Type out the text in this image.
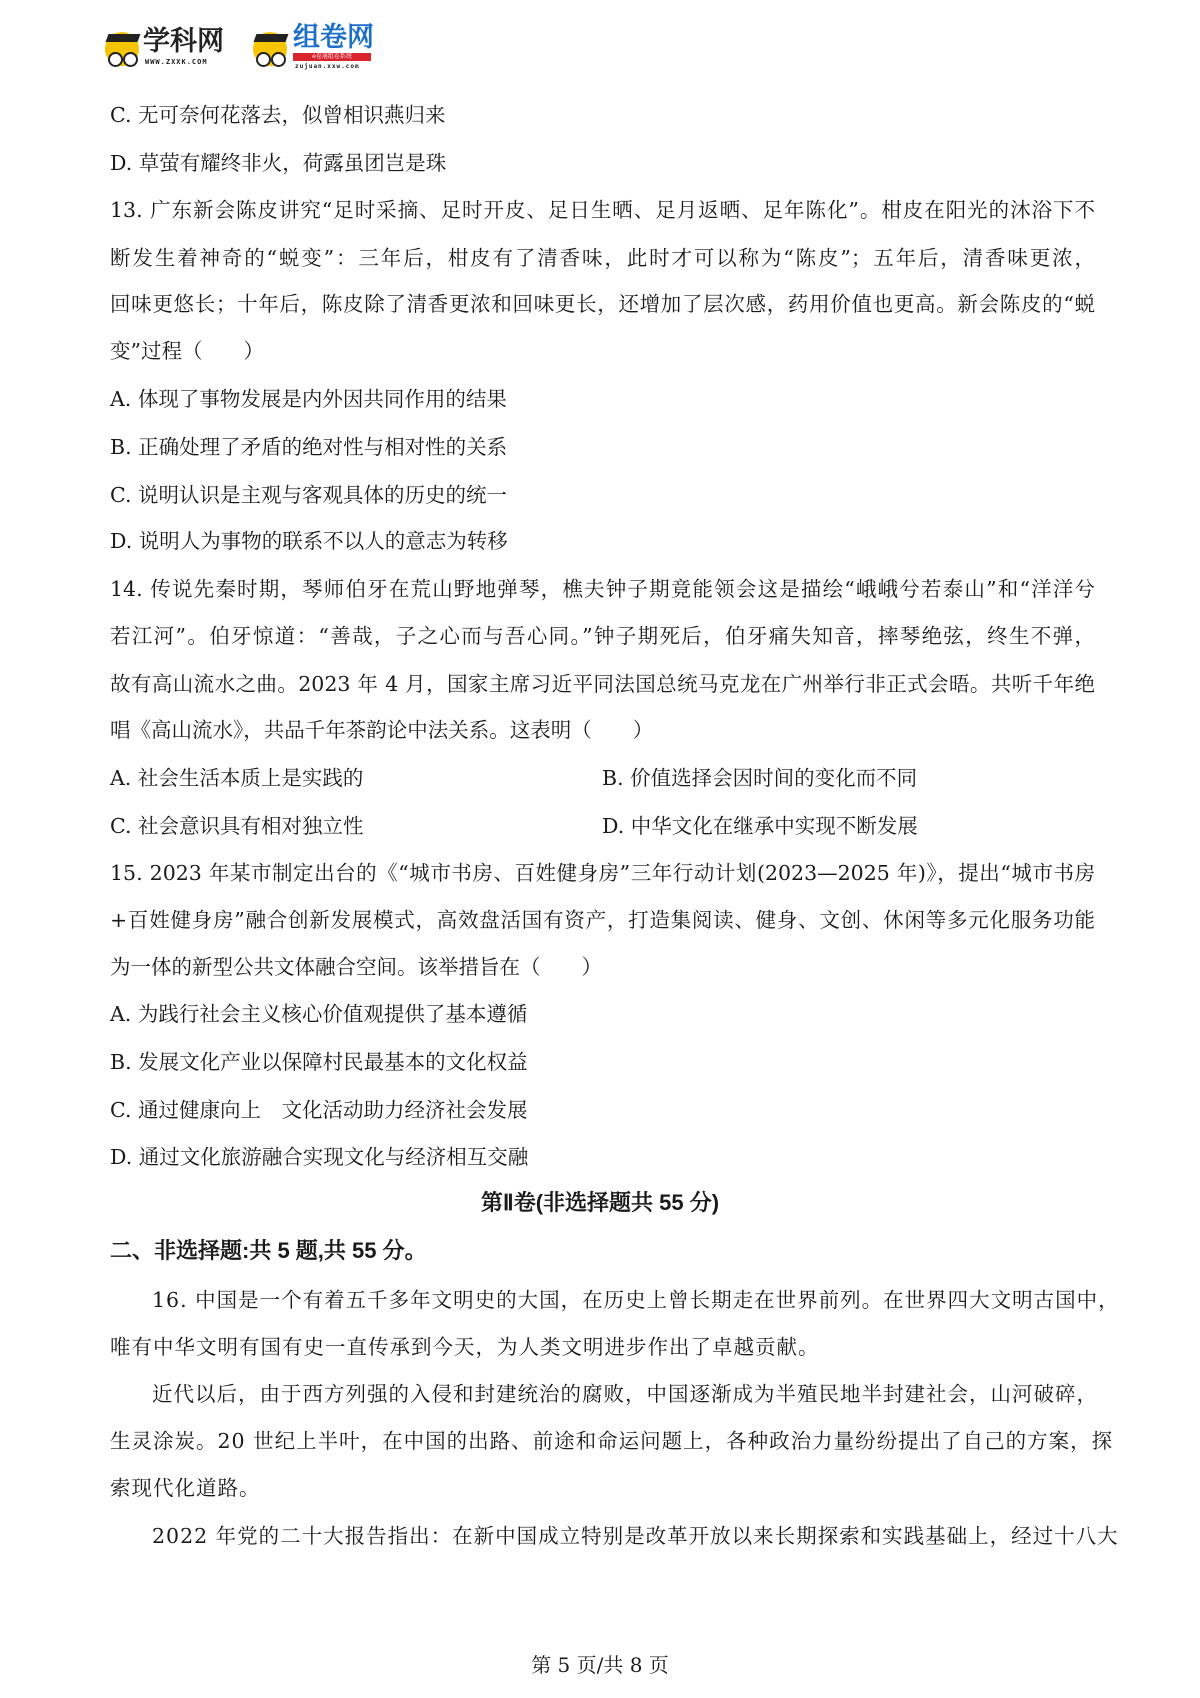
学科网
WWW.ZXXK.COM
组卷网
e卷通组卷系统
zujuan.xxw.com
C. 无可奈何花落去，似曾相识燕归来
D. 草萤有耀终非火，荷露虽团岂是珠
13. 广东新会陈皮讲究“足时采摘、足时开皮、足日生晒、足月返晒、足年陈化”。柑皮在阳光的沐浴下不
断发生着神奇的“蜕变”：三年后，柑皮有了清香味，此时才可以称为“陈皮”；五年后，清香味更浓，
回味更悠长；十年后，陈皮除了清香更浓和回味更长，还增加了层次感，药用价值也更高。新会陈皮的“蜕
变”过程（　　）
A. 体现了事物发展是内外因共同作用的结果
B. 正确处理了矛盾的绝对性与相对性的关系
C. 说明认识是主观与客观具体的历史的统一
D. 说明人为事物的联系不以人的意志为转移
14. 传说先秦时期，琴师伯牙在荒山野地弹琴，樵夫钟子期竟能领会这是描绘“峨峨兮若泰山”和“洋洋兮
若江河”。伯牙惊道：“善哉，子之心而与吾心同。”钟子期死后，伯牙痛失知音，摔琴绝弦，终生不弹，
故有高山流水之曲。2023 年 4 月，国家主席习近平同法国总统马克龙在广州举行非正式会晤。共听千年绝
唱《高山流水》，共品千年茶韵论中法关系。这表明（　　）
A. 社会生活本质上是实践的	B. 价值选择会因时间的变化而不同
C. 社会意识具有相对独立性	D. 中华文化在继承中实现不断发展
15. 2023 年某市制定出台的《“城市书房、百姓健身房”三年行动计划(2023—2025 年)》，提出“城市书房
+百姓健身房”融合创新发展模式，高效盘活国有资产，打造集阅读、健身、文创、休闲等多元化服务功能
为一体的新型公共文体融合空间。该举措旨在（　　）
A. 为践行社会主义核心价值观提供了基本遵循
B. 发展文化产业以保障村民最基本的文化权益
C. 通过健康向上　文化活动助力经济社会发展
D. 通过文化旅游融合实现文化与经济相互交融
第Ⅱ卷(非选择题共 55 分)
二、非选择题:共 5 题,共 55 分。
16. 中国是一个有着五千多年文明史的大国，在历史上曾长期走在世界前列。在世界四大文明古国中，
唯有中华文明有国有史一直传承到今天，为人类文明进步作出了卓越贡献。
近代以后，由于西方列强的入侵和封建统治的腐败，中国逐渐成为半殖民地半封建社会，山河破碎，
生灵涂炭。20 世纪上半叶，在中国的出路、前途和命运问题上，各种政治力量纷纷提出了自己的方案，探
索现代化道路。
2022 年党的二十大报告指出：在新中国成立特别是改革开放以来长期探索和实践基础上，经过十八大
第 5 页/共 8 页
